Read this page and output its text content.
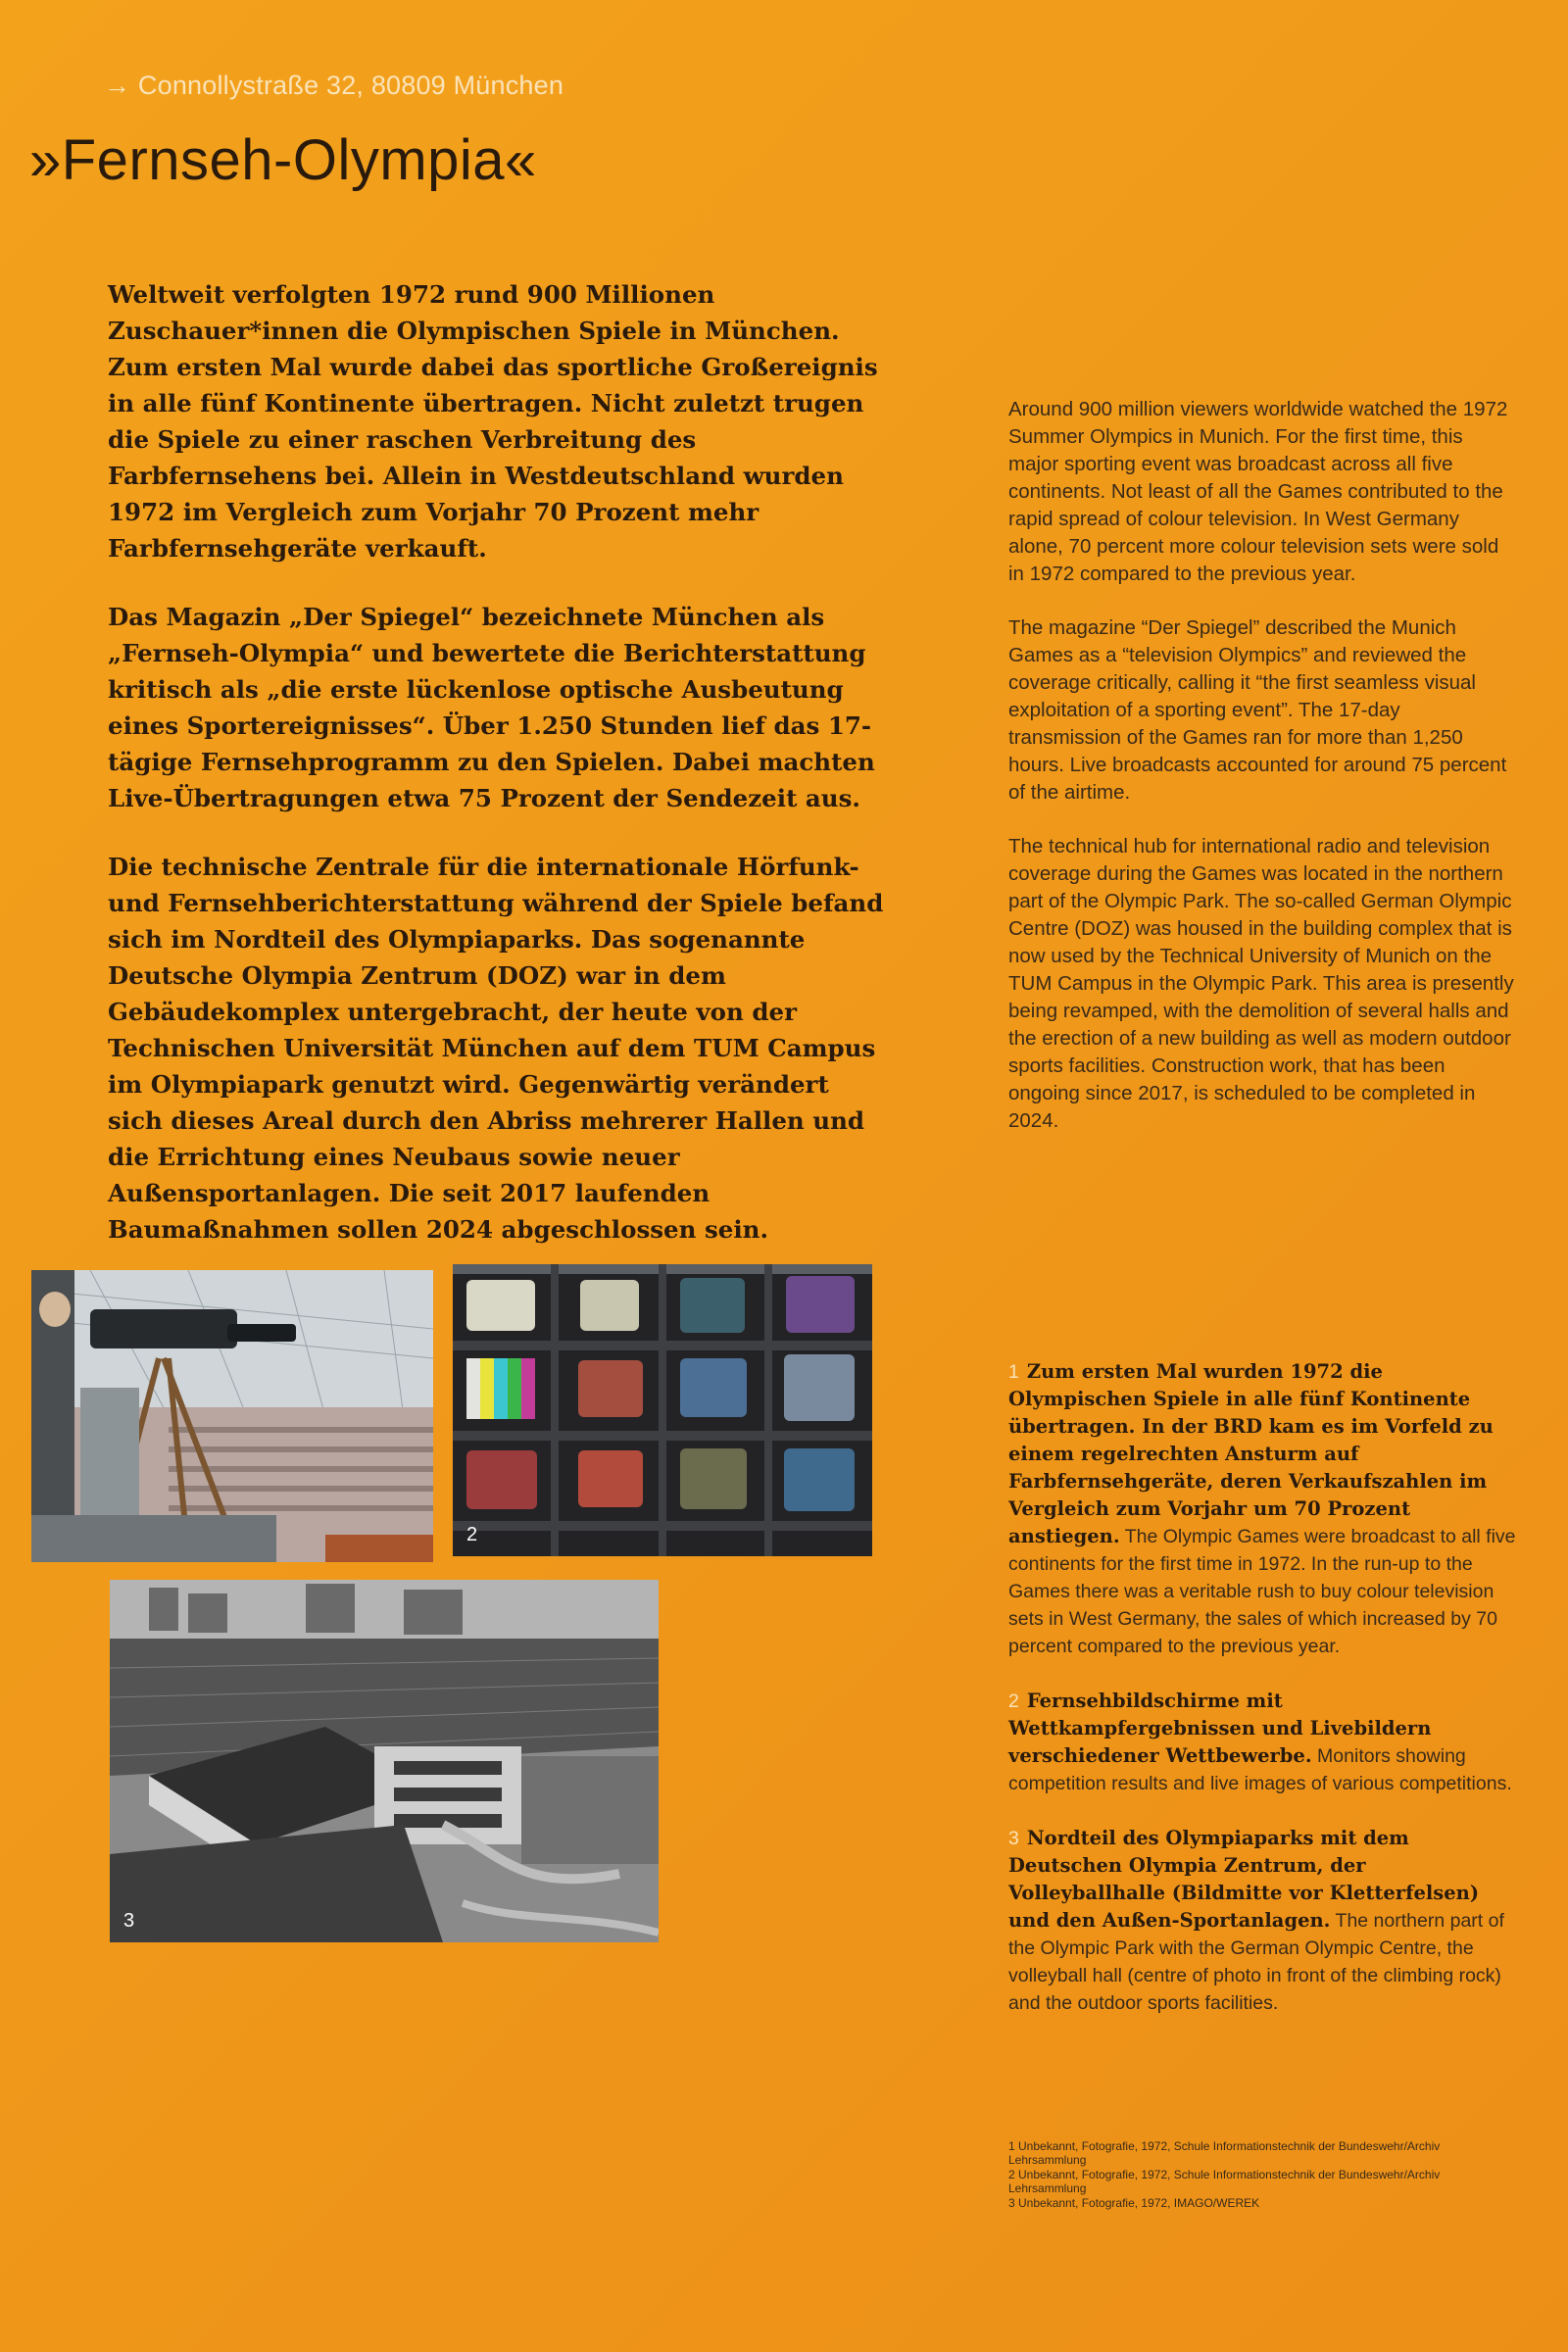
→ Connollystraße 32, 80809 München
»Fernseh-Olympia«

Weltweit verfolgten 1972 rund 900 Millionen Zuschauer*innen die Olympischen Spiele in München. Zum ersten Mal wurde dabei das sportliche Großereignis in alle fünf Kontinente übertragen. Nicht zuletzt trugen die Spiele zu einer raschen Verbreitung des Farbfernsehens bei. Allein in Westdeutschland wurden 1972 im Vergleich zum Vorjahr 70 Prozent mehr Farbfernsehgeräte verkauft.

Das Magazin „Der Spiegel“ bezeichnete München als „Fernseh-Olympia“ und bewertete die Berichterstattung kritisch als „die erste lückenlose optische Ausbeutung eines Sportereignisses“. Über 1.250 Stunden lief das 17-tägige Fernsehprogramm zu den Spielen. Dabei machten Live-Übertragungen etwa 75 Prozent der Sendezeit aus.

Die technische Zentrale für die internationale Hörfunk- und Fernsehberichterstattung während der Spiele befand sich im Nordteil des Olympiaparks. Das sogenannte Deutsche Olympia Zentrum (DOZ) war in dem Gebäudekomplex untergebracht, der heute von der Technischen Universität München auf dem TUM Campus im Olympiapark genutzt wird. Gegenwärtig verändert sich dieses Areal durch den Abriss mehrerer Hallen und die Errichtung eines Neubaus sowie neuer Außensportanlagen. Die seit 2017 laufenden Baumaßnahmen sollen 2024 abgeschlossen sein.

Around 900 million viewers worldwide watched the 1972 Summer Olympics in Munich. For the first time, this major sporting event was broadcast across all five continents. Not least of all the Games contributed to the rapid spread of colour television. In West Germany alone, 70 percent more colour television sets were sold in 1972 compared to the previous year.

The magazine “Der Spiegel” described the Munich Games as a “television Olympics” and reviewed the coverage critically, calling it “the first seamless visual exploitation of a sporting event”. The 17-day transmission of the Games ran for more than 1,250 hours. Live broadcasts accounted for around 75 percent of the airtime.

The technical hub for international radio and television coverage during the Games was located in the northern part of the Olympic Park. The so-called German Olympic Centre (DOZ) was housed in the building complex that is now used by the Technical University of Munich on the TUM Campus in the Olympic Park. This area is presently being revamped, with the demolition of several halls and the erection of a new building as well as modern outdoor sports facilities. Construction work, that has been ongoing since 2017, is scheduled to be completed in 2024.

2
3
1 Zum ersten Mal wurden 1972 die Olympischen Spiele in alle fünf Kontinente übertragen. In der BRD kam es im Vorfeld zu einem regelrechten Ansturm auf Farbfernsehgeräte, deren Verkaufszahlen im Vergleich zum Vorjahr um 70 Prozent anstiegen. The Olympic Games were broadcast to all five continents for the first time in 1972. In the run-up to the Games there was a veritable rush to buy colour television sets in West Germany, the sales of which increased by 70 percent compared to the previous year.
2 Fernsehbildschirme mit Wettkampfergebnissen und Livebildern verschiedener Wettbewerbe. Monitors showing competition results and live images of various competitions.
3 Nordteil des Olympiaparks mit dem Deutschen Olympia Zentrum, der Volleyballhalle (Bildmitte vor Kletterfelsen) und den Außen-Sportanlagen. The northern part of the Olympic Park with the German Olympic Centre, the volleyball hall (centre of photo in front of the climbing rock) and the outdoor sports facilities.
1 Unbekannt, Fotografie, 1972, Schule Informationstechnik der Bundeswehr/Archiv Lehrsammlung
2 Unbekannt, Fotografie, 1972, Schule Informationstechnik der Bundeswehr/Archiv Lehrsammlung
3 Unbekannt, Fotografie, 1972, IMAGO/WEREK
